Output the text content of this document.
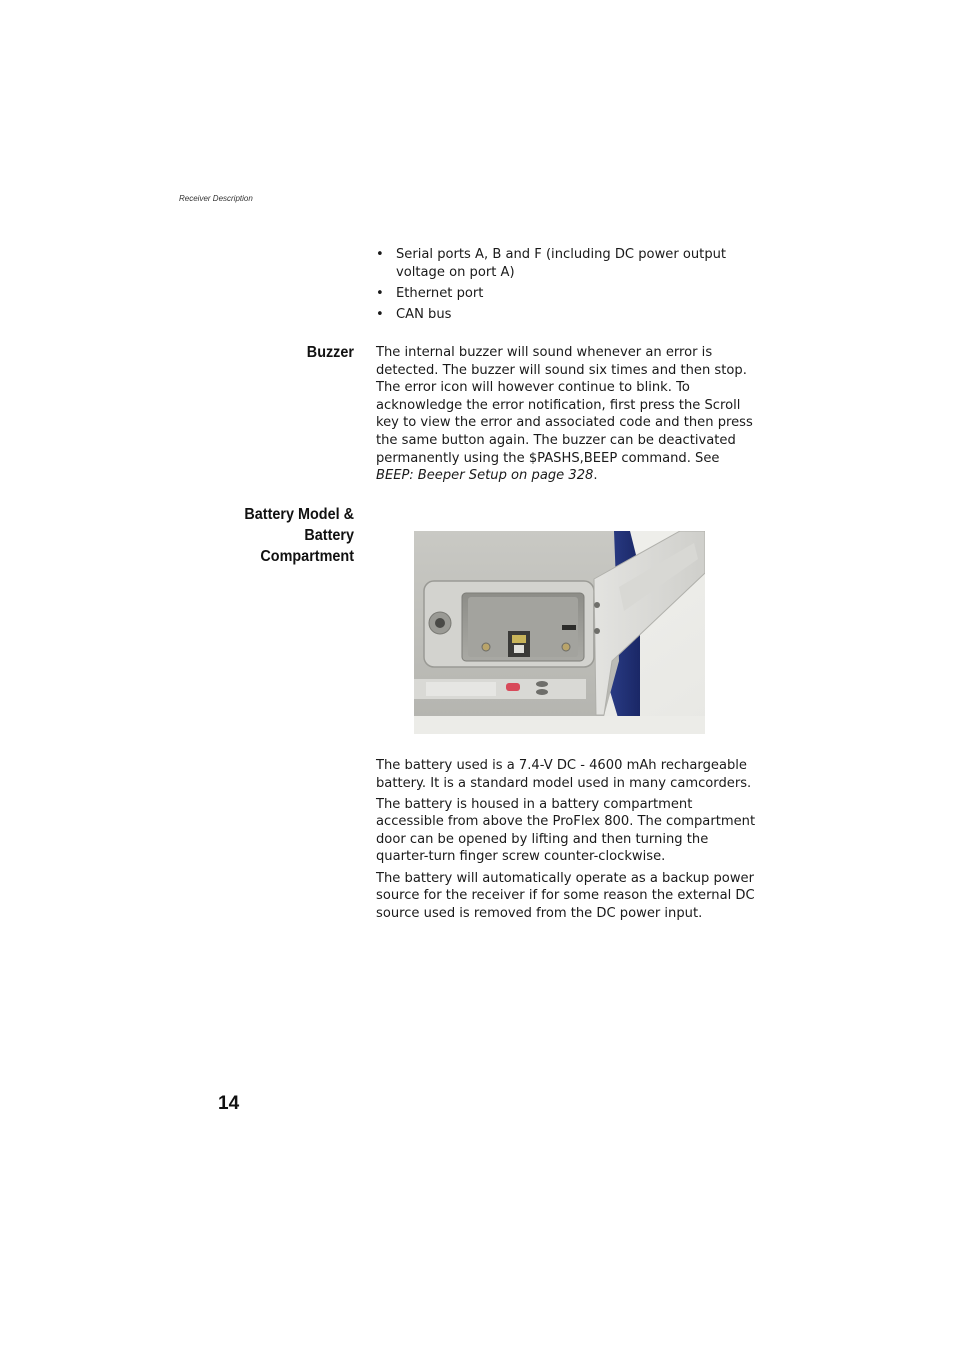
Receiver Description
• Serial ports A, B and F (including DC power output voltage on port A)
• Ethernet port
• CAN bus
Buzzer The internal buzzer will sound whenever an error is detected. The buzzer will sound six times and then stop. The error icon will however continue to blink. To acknowledge the error notification, first press the Scroll key to view the error and associated code and then press the same button again. The buzzer can be deactivated permanently using the $PASHS,BEEP command. See BEEP: Beeper Setup on page 328.

Battery Model &
Battery
Compartment

The battery used is a 7.4-V DC - 4600 mAh rechargeable battery. It is a standard model used in many camcorders.

The battery is housed in a battery compartment accessible from above the ProFlex 800. The compartment door can be opened by lifting and then turning the quarter-turn finger screw counter-clockwise.

The battery will automatically operate as a backup power source for the receiver if for some reason the external DC source used is removed from the DC power input.

14
